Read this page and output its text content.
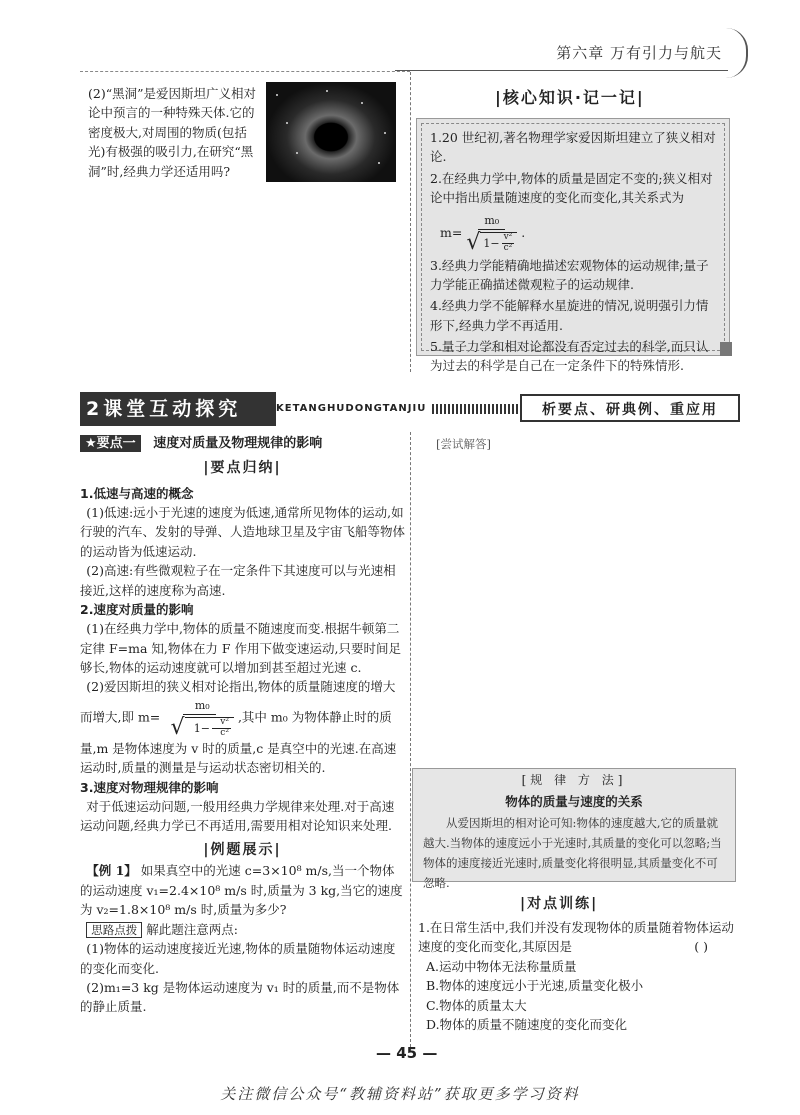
第六章 万有引力与航天
(2)“黑洞”是爱因斯坦广义相对论中预言的一种特殊天体.它的密度极大,对周围的物质(包括光)有极强的吸引力,在研究“黑洞”时,经典力学还适用吗?
|核心知识·记一记|

1.20 世纪初,著名物理学家爱因斯坦建立了狭义相对论.

2.在经典力学中,物体的质量是固定不变的;狭义相对论中指出质量随速度的变化而变化,其关系式为

$m= \frac{\text{m₀}}{√ 1- \frac{\text{v²}}{\text{c²}}}$ .

3.经典力学能精确地描述宏观物体的运动规律;量子力学能正确描述微观粒子的运动规律.

4.经典力学不能解释水星旋进的情况,说明强引力情形下,经典力学不再适用.

5.量子力学和相对论都没有否定过去的科学,而只认为过去的科学是自己在一定条件下的特殊情形.

2课堂互动探究	KETANGHUDONGTANJIU	析要点、研典例、重应用
★要点一 速度对质量及物理规律的影响
|要点归纳|

1.低速与高速的概念

(1)低速:远小于光速的速度为低速,通常所见物体的运动,如行驶的汽车、发射的导弹、人造地球卫星及宇宙飞船等物体的运动皆为低速运动.

(2)高速:有些微观粒子在一定条件下其速度可以与光速相接近,这样的速度称为高速.

2.速度对质量的影响

(1)在经典力学中,物体的质量不随速度而变.根据牛顿第二定律 F=ma 知,物体在力 F 作用下做变速运动,只要时间足够长,物体的运动速度就可以增加到甚至超过光速 c.

(2)爱因斯坦的狭义相对论指出,物体的质量随速度的增大而增大,即 $m= \frac{\text{m₀}}{√ 1- \frac{\text{v²}}{\text{c²}}}$ ,其中 m₀ 为物体静止时的质量,m 是物体速度为 v 时的质量,c 是真空中的光速.在高速运动时,质量的测量是与运动状态密切相关的.

3.速度对物理规律的影响

对于低速运动问题,一般用经典力学规律来处理.对于高速运动问题,经典力学已不再适用,需要用相对论知识来处理.

|例题展示|

【例 1】 如果真空中的光速 c=3×10⁸ m/s,当一个物体的运动速度 v₁=2.4×10⁸ m/s 时,质量为 3 kg,当它的速度为 v₂=1.8×10⁸ m/s 时,质量为多少?

思路点拨 解此题注意两点:

(1)物体的运动速度接近光速,物体的质量随物体运动速度的变化而变化.

(2)m₁=3 kg 是物体运动速度为 v₁ 时的质量,而不是物体的静止质量.

[尝试解答]
[规 律 方 法]
物体的质量与速度的关系
从爱因斯坦的相对论可知:物体的速度越大,它的质量就越大.当物体的速度远小于光速时,其质量的变化可以忽略;当物体的速度接近光速时,质量变化将很明显,其质量变化不可忽略.
|对点训练|

1.在日常生活中,我们并没有发现物体的质量随着物体运动速度的变化而变化,其原因是	( )

A.运动中物体无法称量质量

B.物体的速度远小于光速,质量变化极小

C.物体的质量太大

D.物体的质量不随速度的变化而变化

— 45 —
关注微信公众号“教辅资料站”获取更多学习资料
